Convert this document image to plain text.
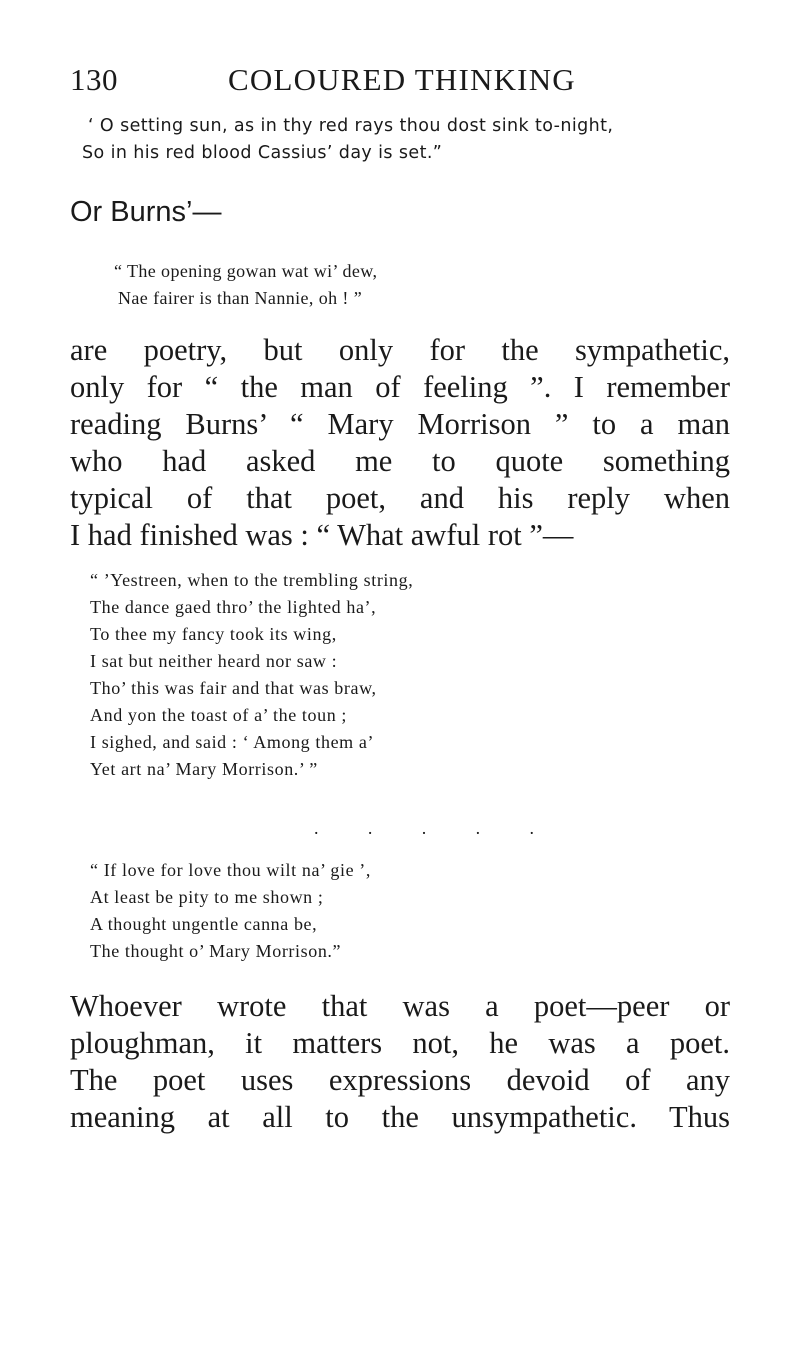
130	COLOURED THINKING
‘ O setting sun, as in thy red rays thou dost sink to-night,
So in his red blood Cassius’ day is set.”
Or Burns’—
“ The opening gowan wat wi’ dew,
Nae fairer is than Nannie, oh ! ”
are poetry, but only for the sympathetic,
only for “ the man of feeling ”. I remember
reading Burns’ “ Mary Morrison ” to a man
who had asked me to quote something
typical of that poet, and his reply when
I had finished was : “ What awful rot ”—
“ ’Yestreen, when to the trembling string,
The dance gaed thro’ the lighted ha’,
To thee my fancy took its wing,
I sat but neither heard nor saw :
Tho’ this was fair and that was braw,
And yon the toast of a’ the toun ;
I sighed, and said : ‘ Among them a’
Yet art na’ Mary Morrison.’ ”
.	.	.	.	.
“ If love for love thou wilt na’ gie ’,
At least be pity to me shown ;
A thought ungentle canna be,
The thought o’ Mary Morrison.”
Whoever wrote that was a poet—peer or
ploughman, it matters not, he was a poet.
The poet uses expressions devoid of any
meaning at all to the unsympathetic. Thus
